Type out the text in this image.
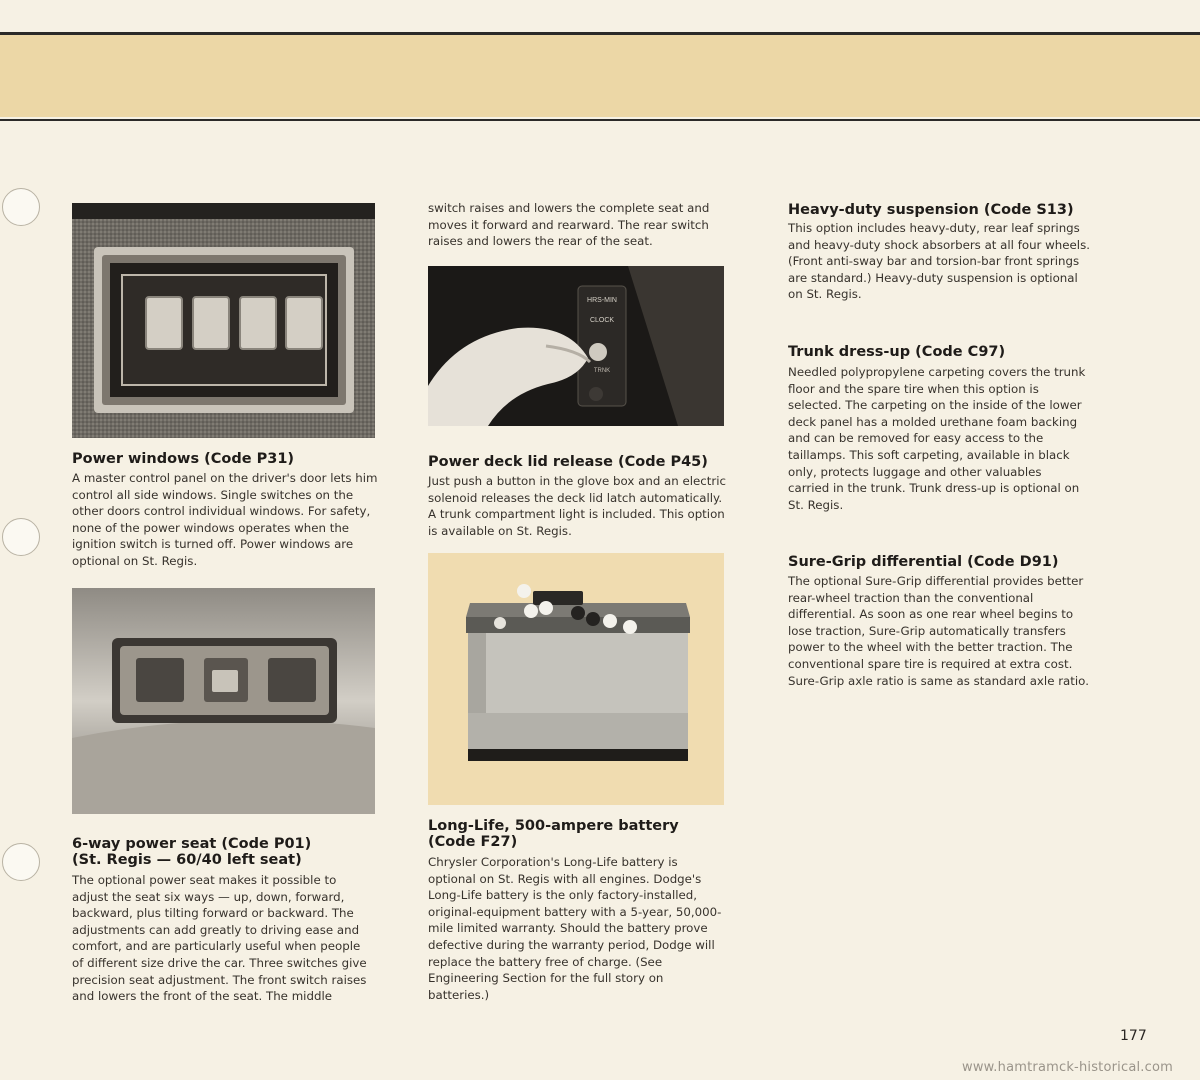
Power windows (Code P31)

A master control panel on the driver's door lets him control all side windows. Single switches on the other doors control individual windows. For safety, none of the power windows operates when the ignition switch is turned off. Power windows are optional on St. Regis.

6-way power seat (Code P01)
(St. Regis — 60/40 left seat)

The optional power seat makes it possible to adjust the seat six ways — up, down, forward, backward, plus tilting forward or backward. The adjustments can add greatly to driving ease and comfort, and are particularly useful when people of different size drive the car. Three switches give precision seat adjustment. The front switch raises and lowers the front of the seat. The middle

switch raises and lowers the complete seat and moves it forward and rearward. The rear switch raises and lowers the rear of the seat.

HRS-MIN
CLOCK
TRNK
Power deck lid release (Code P45)

Just push a button in the glove box and an electric solenoid releases the deck lid latch automatically. A trunk compartment light is included. This option is available on St. Regis.

Long-Life, 500-ampere battery
(Code F27)

Chrysler Corporation's Long-Life battery is optional on St. Regis with all engines. Dodge's Long-Life battery is the only factory-installed, original-equipment battery with a 5-year, 50,000-mile limited warranty. Should the battery prove defective during the warranty period, Dodge will replace the battery free of charge. (See Engineering Section for the full story on batteries.)

Heavy-duty suspension (Code S13)

This option includes heavy-duty, rear leaf springs and heavy-duty shock absorbers at all four wheels. (Front anti-sway bar and torsion-bar front springs are standard.) Heavy-duty suspension is optional on St. Regis.

Trunk dress-up (Code C97)

Needled polypropylene carpeting covers the trunk floor and the spare tire when this option is selected. The carpeting on the inside of the lower deck panel has a molded urethane foam backing and can be removed for easy access to the taillamps. This soft carpeting, available in black only, protects luggage and other valuables carried in the trunk. Trunk dress-up is optional on St. Regis.

Sure-Grip differential (Code D91)

The optional Sure-Grip differential provides better rear-wheel traction than the conventional differential. As soon as one rear wheel begins to lose traction, Sure-Grip automatically transfers power to the wheel with the better traction. The conventional spare tire is required at extra cost. Sure-Grip axle ratio is same as standard axle ratio.

177
www.hamtramck-historical.com
